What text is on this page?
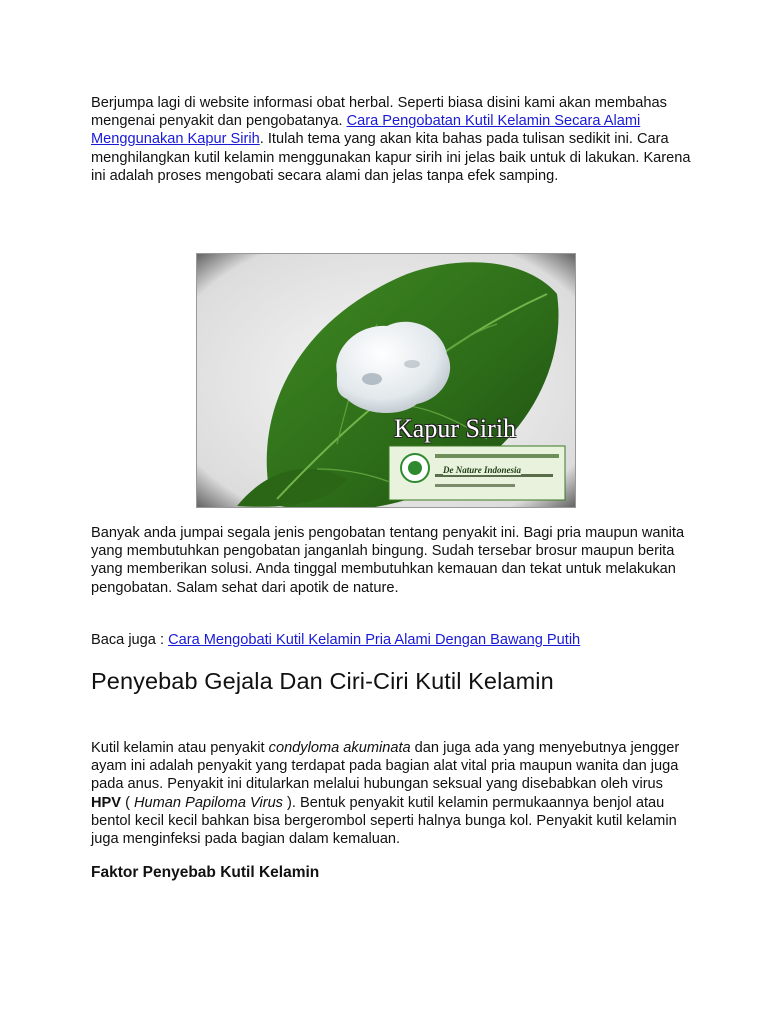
Berjumpa lagi di website informasi obat herbal. Seperti biasa disini kami akan membahas mengenai penyakit dan pengobatanya. Cara Pengobatan Kutil Kelamin Secara Alami Menggunakan Kapur Sirih. Itulah tema yang akan kita bahas pada tulisan sedikit ini. Cara menghilangkan kutil kelamin menggunakan kapur sirih ini jelas baik untuk di lakukan. Karena ini adalah proses mengobati secara alami dan jelas tanpa efek samping.

Kapur Sirih
De Nature Indonesia

Banyak anda jumpai segala jenis pengobatan tentang penyakit ini. Bagi pria maupun wanita yang membutuhkan pengobatan janganlah bingung. Sudah tersebar brosur maupun berita yang memberikan solusi. Anda tinggal membutuhkan kemauan dan tekat untuk melakukan pengobatan. Salam sehat dari apotik de nature.

Baca juga : Cara Mengobati Kutil Kelamin Pria Alami Dengan Bawang Putih

Penyebab Gejala Dan Ciri-Ciri Kutil Kelamin

Kutil kelamin atau penyakit condyloma akuminata dan juga ada yang menyebutnya jengger ayam ini adalah penyakit yang terdapat pada bagian alat vital pria maupun wanita dan juga pada anus. Penyakit ini ditularkan melalui hubungan seksual yang disebabkan oleh virus HPV ( Human Papiloma Virus ). Bentuk penyakit kutil kelamin permukaannya benjol atau bentol kecil kecil bahkan bisa bergerombol seperti halnya bunga kol. Penyakit kutil kelamin juga menginfeksi pada bagian dalam kemaluan.

Faktor Penyebab Kutil Kelamin
